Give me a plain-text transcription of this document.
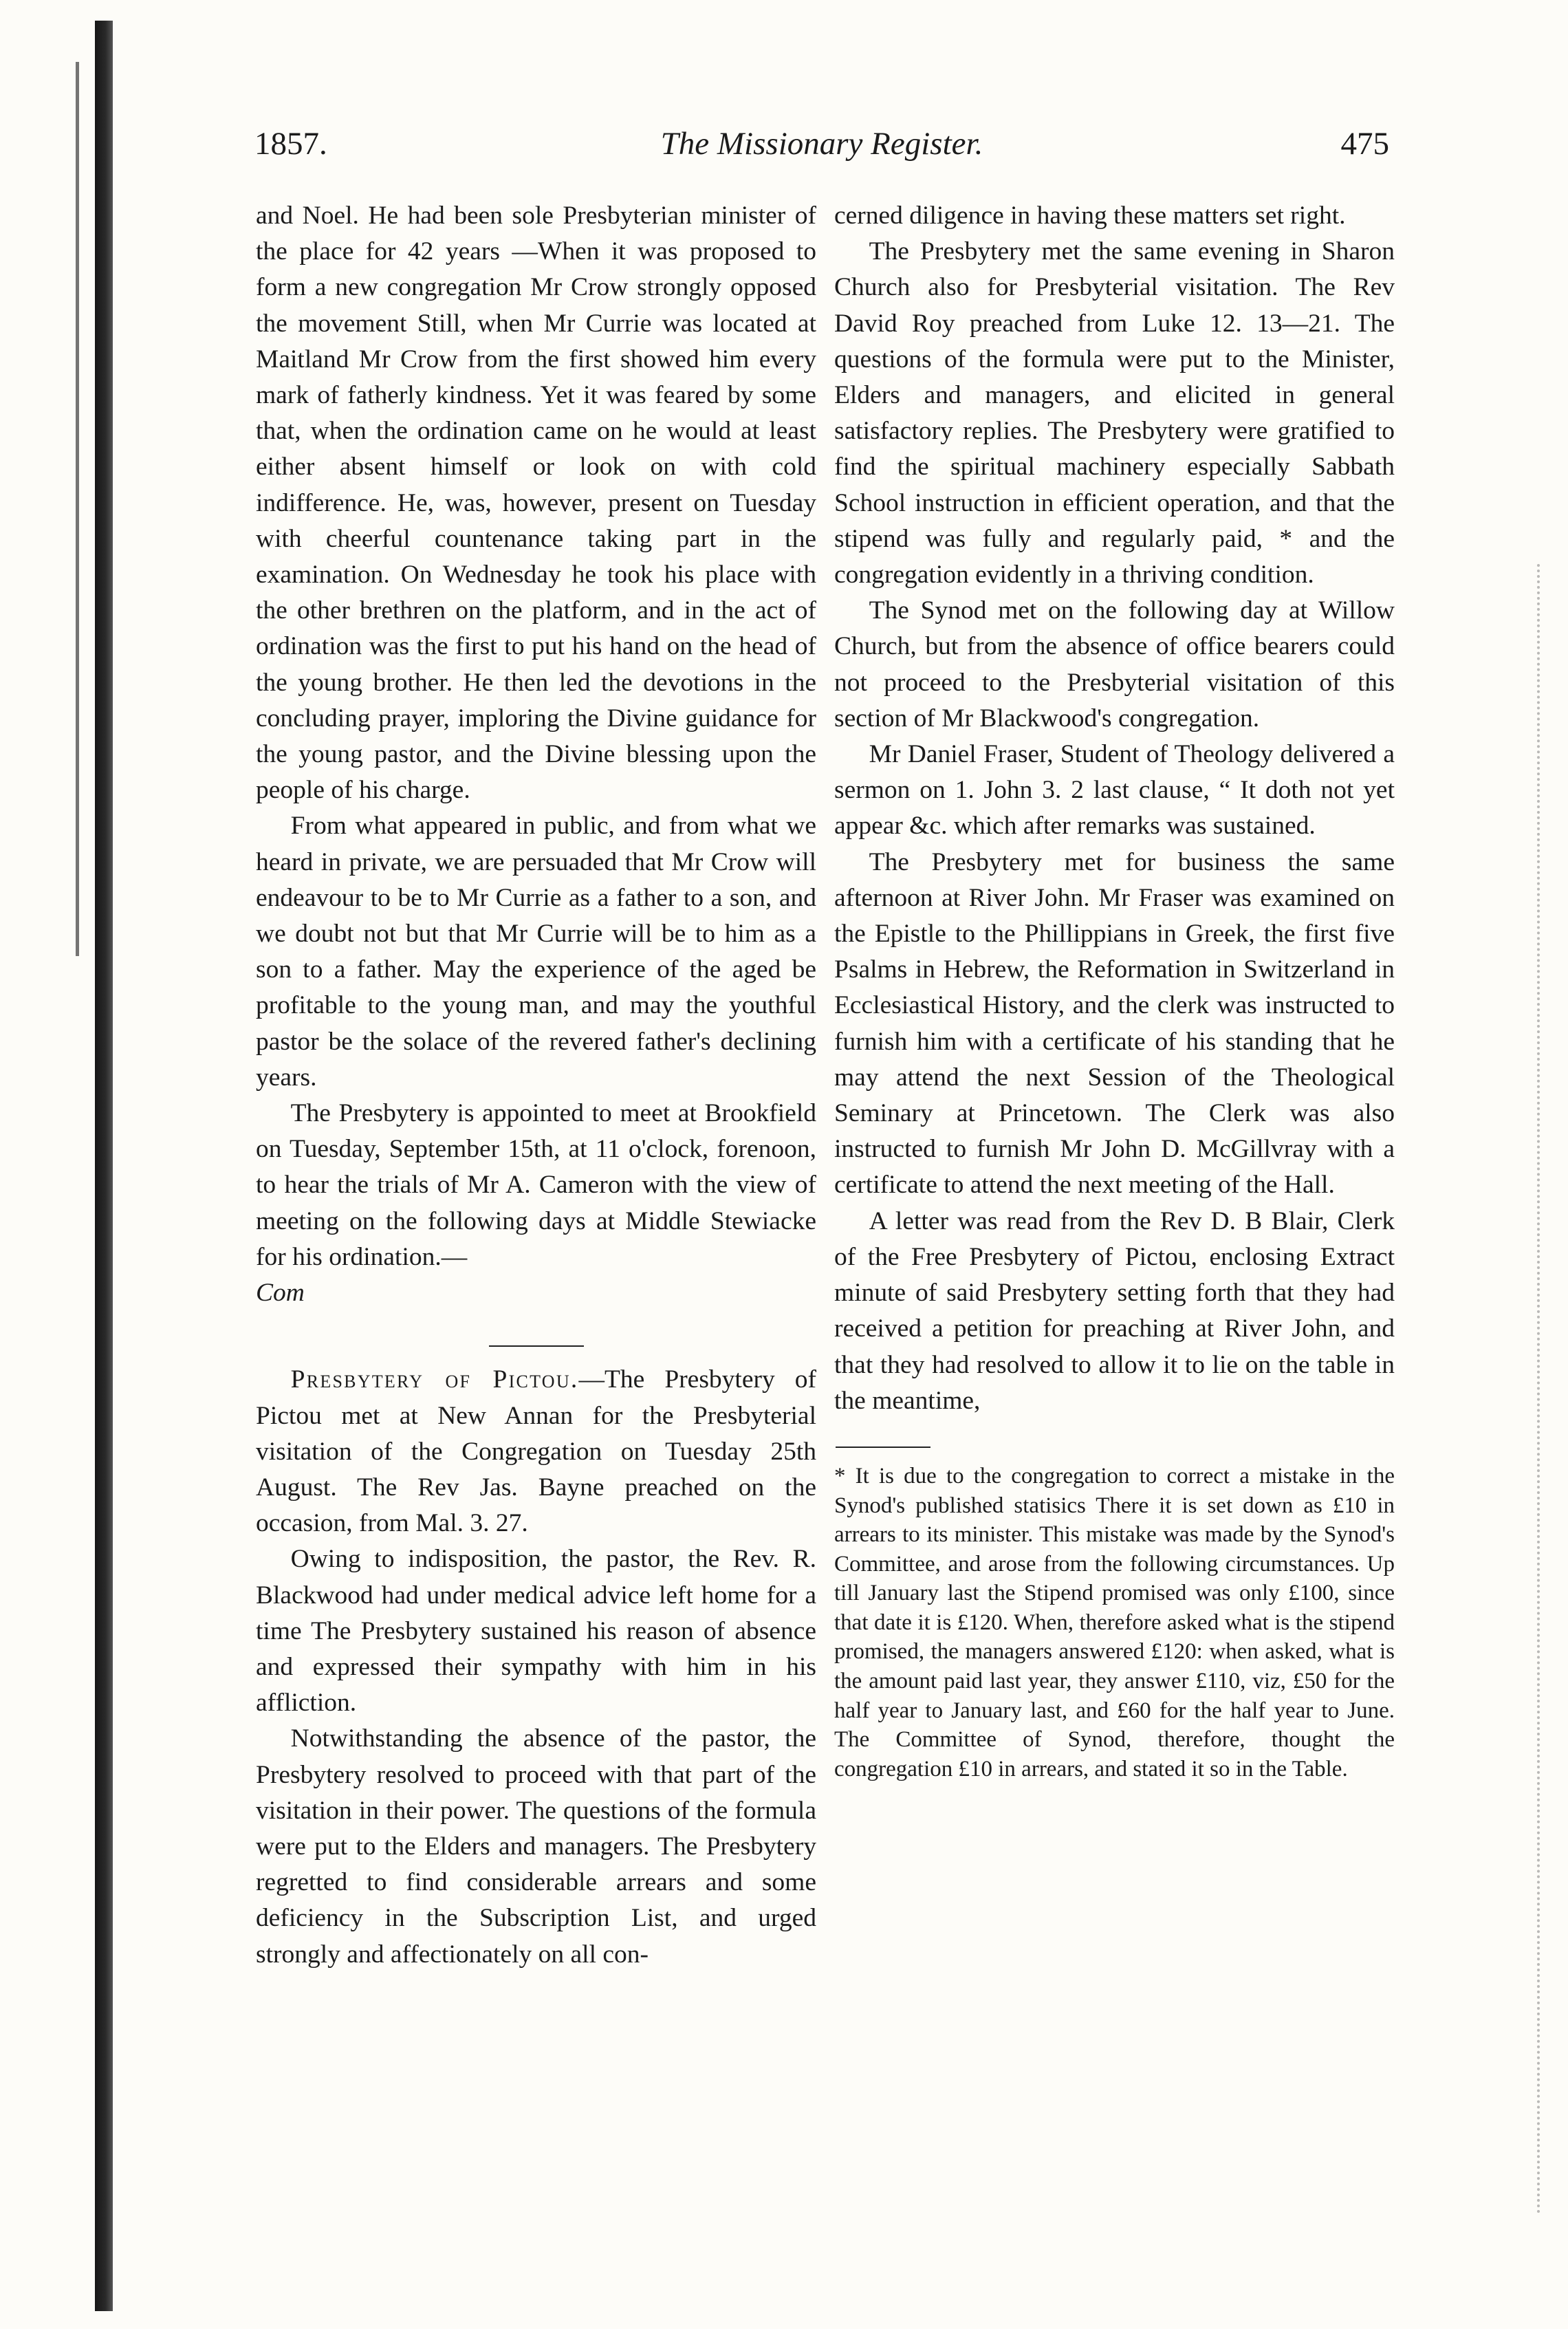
1857.	The Missionary Register.	475

and Noel. He had been sole Presbyterian minister of the place for 42 years —When it was proposed to form a new congregation Mr Crow strongly opposed the movement Still, when Mr Currie was located at Maitland Mr Crow from the first showed him every mark of fatherly kindness. Yet it was feared by some that, when the ordination came on he would at least either absent himself or look on with cold indifference. He, was, however, present on Tuesday with cheerful countenance taking part in the examination. On Wednesday he took his place with the other brethren on the platform, and in the act of ordination was the first to put his hand on the head of the young brother. He then led the devotions in the concluding prayer, imploring the Divine guidance for the young pastor, and the Divine blessing upon the people of his charge.

From what appeared in public, and from what we heard in private, we are persuaded that Mr Crow will endeavour to be to Mr Currie as a father to a son, and we doubt not but that Mr Currie will be to him as a son to a father. May the experience of the aged be profitable to the young man, and may the youthful pastor be the solace of the revered father's declining years.

The Presbytery is appointed to meet at Brookfield on Tuesday, September 15th, at 11 o'clock, forenoon, to hear the trials of Mr A. Cameron with the view of meeting on the following days at Middle Stewiacke for his ordination.—
Com

Presbytery of Pictou.—The Presbytery of Pictou met at New Annan for the Presbyterial visitation of the Congregation on Tuesday 25th August. The Rev Jas. Bayne preached on the occasion, from Mal. 3. 27.

Owing to indisposition, the pastor, the Rev. R. Blackwood had under medical advice left home for a time The Presbytery sustained his reason of absence and expressed their sympathy with him in his affliction.

Notwithstanding the absence of the pastor, the Presbytery resolved to proceed with that part of the visitation in their power. The questions of the formula were put to the Elders and managers. The Presbytery regretted to find considerable arrears and some deficiency in the Subscription List, and urged strongly and affectionately on all con-

cerned diligence in having these matters set right.

The Presbytery met the same evening in Sharon Church also for Presbyterial visitation. The Rev David Roy preached from Luke 12. 13—21. The questions of the formula were put to the Minister, Elders and managers, and elicited in general satisfactory replies. The Presbytery were gratified to find the spiritual machinery especially Sabbath School instruction in efficient operation, and that the stipend was fully and regularly paid, * and the congregation evidently in a thriving condition.

The Synod met on the following day at Willow Church, but from the absence of office bearers could not proceed to the Presbyterial visitation of this section of Mr Blackwood's congregation.

Mr Daniel Fraser, Student of Theology delivered a sermon on 1. John 3. 2 last clause, “ It doth not yet appear &c. which after remarks was sustained.

The Presbytery met for business the same afternoon at River John. Mr Fraser was examined on the Epistle to the Phillippians in Greek, the first five Psalms in Hebrew, the Reformation in Switzerland in Ecclesiastical History, and the clerk was instructed to furnish him with a certificate of his standing that he may attend the next Session of the Theological Seminary at Princetown. The Clerk was also instructed to furnish Mr John D. McGillvray with a certificate to attend the next meeting of the Hall.

A letter was read from the Rev D. B Blair, Clerk of the Free Presbytery of Pictou, enclosing Extract minute of said Presbytery setting forth that they had received a petition for preaching at River John, and that they had resolved to allow it to lie on the table in the meantime,

* It is due to the congregation to correct a mistake in the Synod's published statisics There it is set down as £10 in arrears to its minister. This mistake was made by the Synod's Committee, and arose from the following circumstances. Up till January last the Stipend promised was only £100, since that date it is £120. When, therefore asked what is the stipend promised, the managers answered £120: when asked, what is the amount paid last year, they answer £110, viz, £50 for the half year to January last, and £60 for the half year to June. The Committee of Synod, therefore, thought the congregation £10 in arrears, and stated it so in the Table.
